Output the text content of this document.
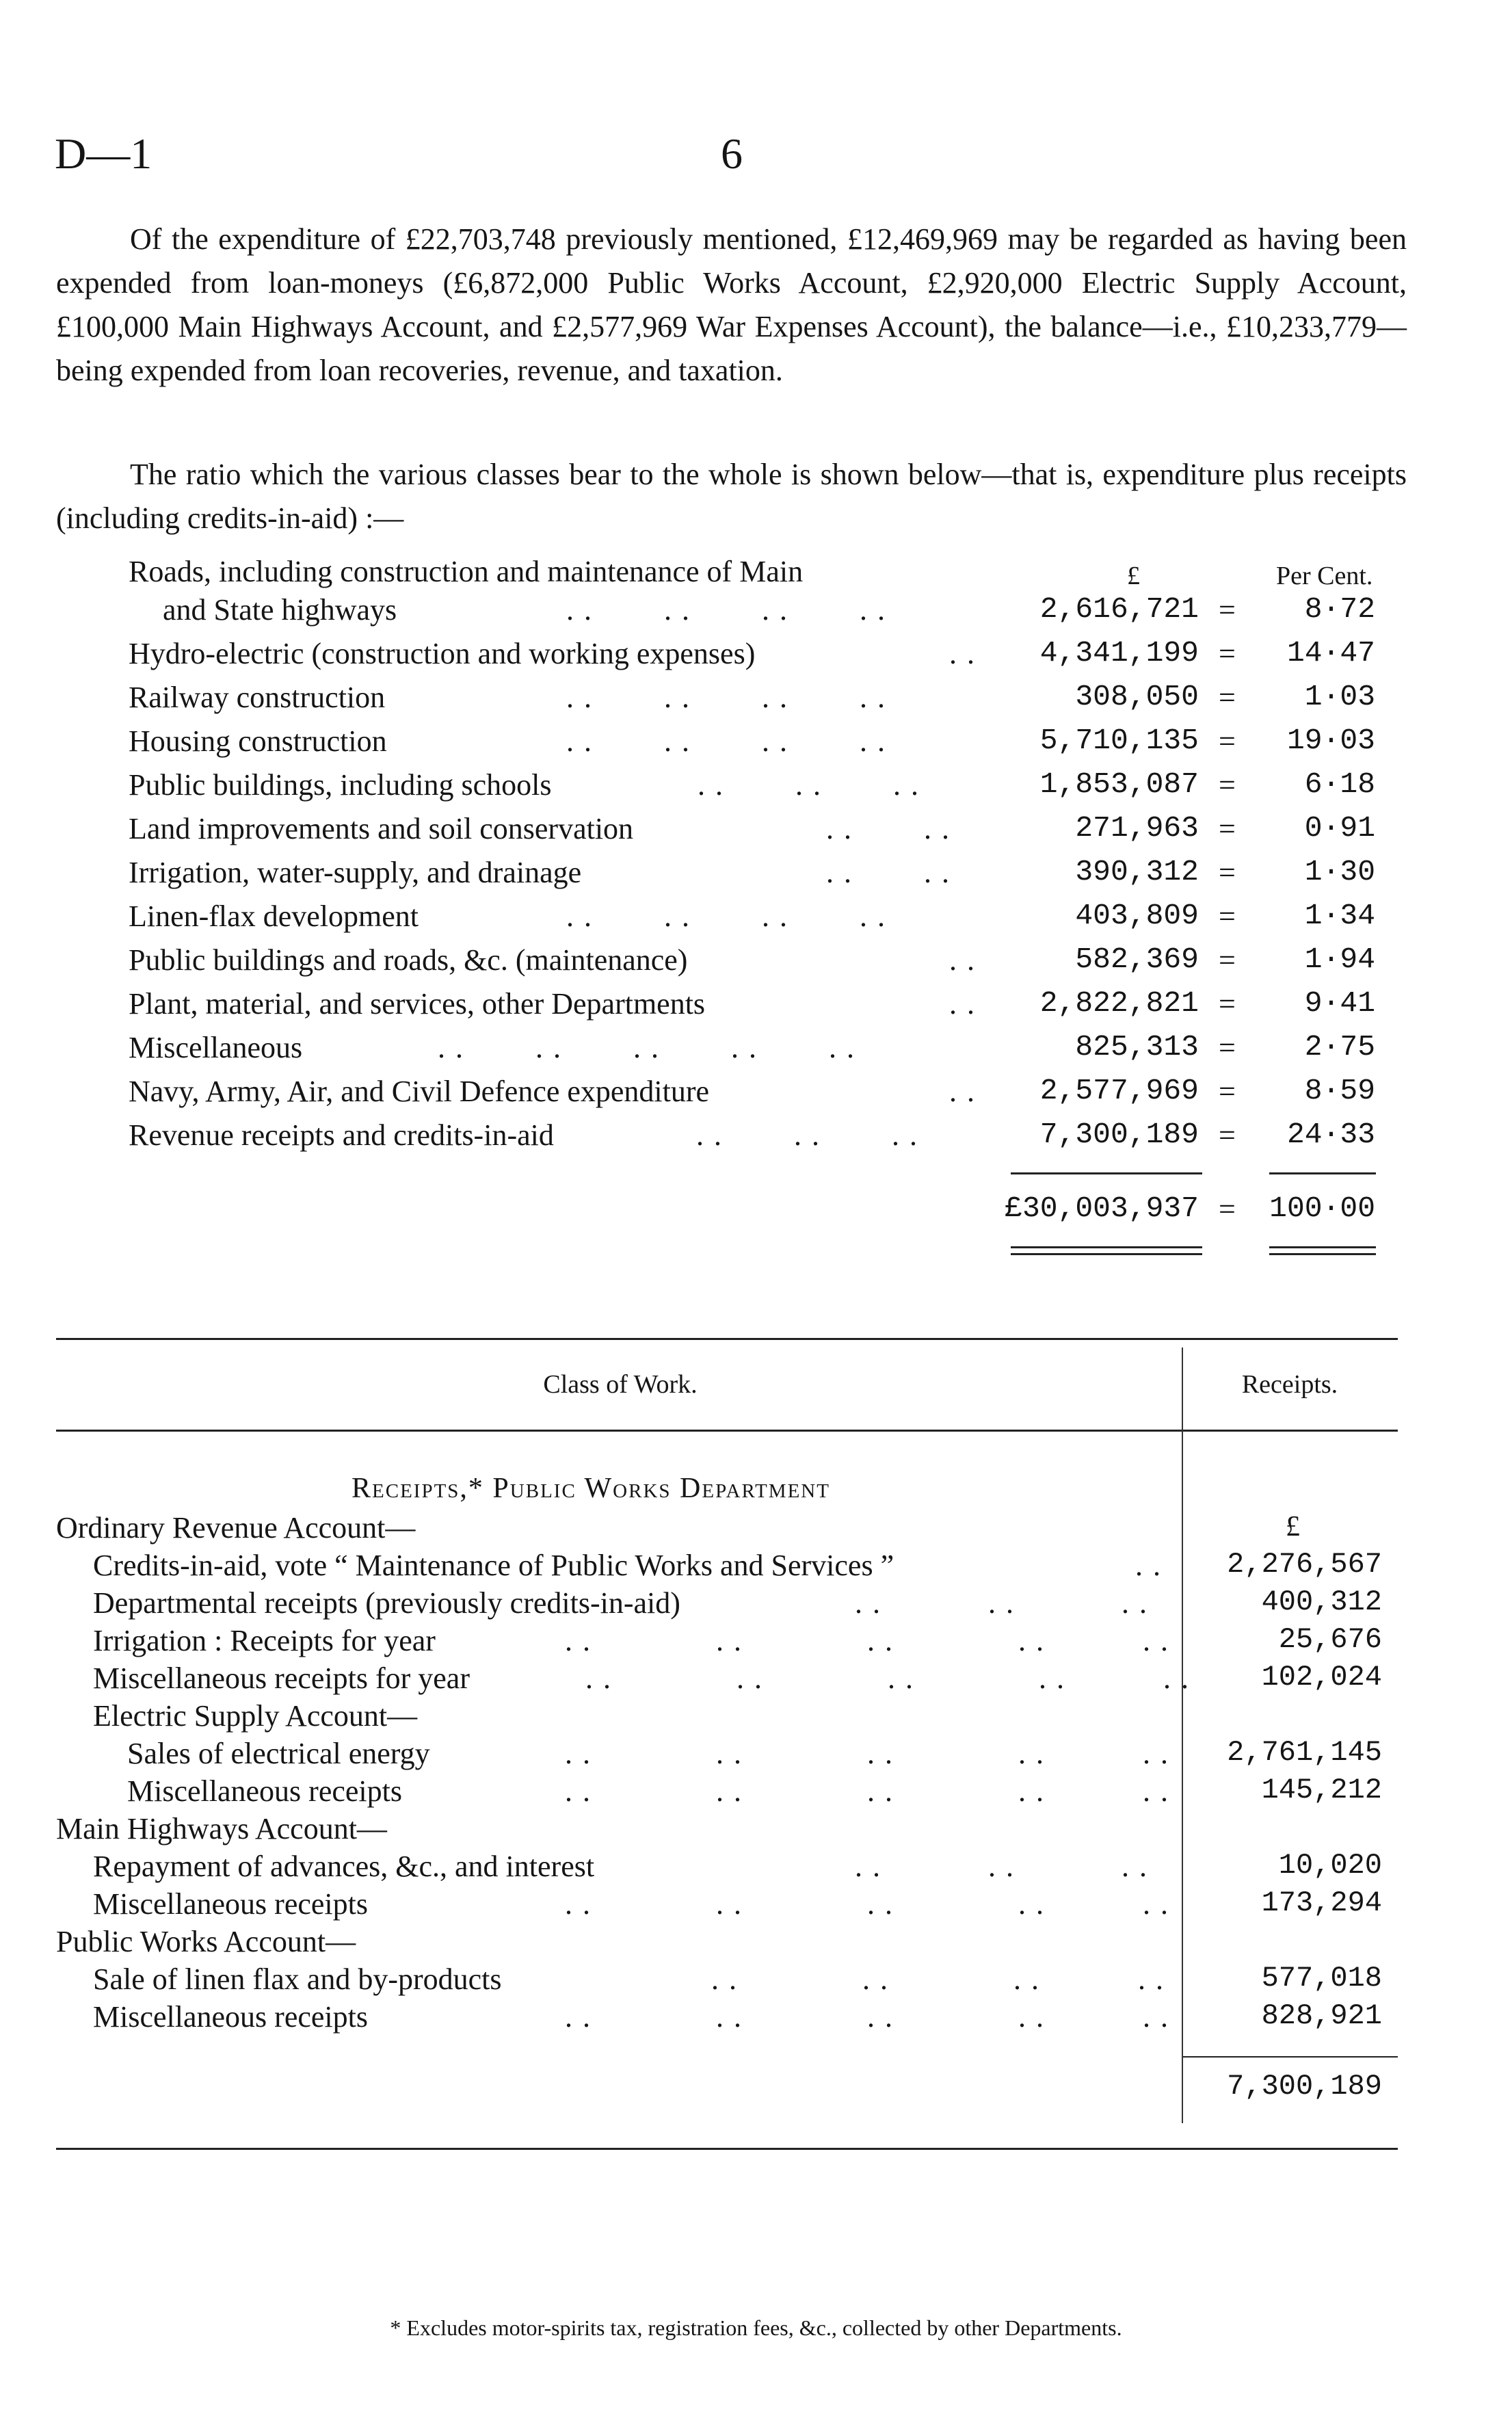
D—1	6
Of the expenditure of £22,703,748 previously mentioned, £12,469,969 may be regarded as having been expended from loan-moneys (£6,872,000 Public Works Account, £2,920,000 Electric Supply Account, £100,000 Main Highways Account, and £2,577,969 War Expenses Account), the balance—i.e., £10,233,779—being expended from loan recoveries, revenue, and taxation.
The ratio which the various classes bear to the whole is shown below—that is, expenditure plus receipts (including credits-in-aid) :—
£	Per Cent.
Roads, including construction and maintenance of Main
and State highways	. . . . . . . .	2,616,721 = 8·72
Hydro-electric (construction and working expenses)	. . 4,341,199 = 14·47
Railway construction	. . . . . . . .	308,050 = 1·03
Housing construction	. . . . . . . .	5,710,135 = 19·03
Public buildings, including schools	. . . . . .	1,853,087 = 6·18
Land improvements and soil conservation	. . . .	271,963 = 0·91
Irrigation, water-supply, and drainage	. . . .	390,312 = 1·30
Linen-flax development	. . . . . . . .	403,809 = 1·34
Public buildings and roads, &c. (maintenance)	. .	582,369 = 1·94
Plant, material, and services, other Departments	. . 2,822,821 = 9·41
Miscellaneous	. . . . . . . . . .	825,313 = 2·75
Navy, Army, Air, and Civil Defence expenditure	. . 2,577,969 = 8·59
Revenue receipts and credits-in-aid	. . . . . .	7,300,189 = 24·33
£30,003,937 = 100·00
Class of Work.	Receipts.
Receipts,* Public Works Department
£
Ordinary Revenue Account—
Credits-in-aid, vote “ Maintenance of Public Works and Services ”	. . 2,276,567
Departmental receipts (previously credits-in-aid)	. .            . .            . .	400,312
Irrigation : Receipts for year	. .              . .              . .              . .           . .	25,676
Miscellaneous receipts for year	. .              . .              . .              . .           . . 102,024
Electric Supply Account—
Sales of electrical energy	. .              . .              . .              . .           . . 2,761,145
Miscellaneous receipts	. .              . .              . .              . .           . .	145,212
Main Highways Account—
Repayment of advances, &c., and interest	. .            . .            . .	10,020
Miscellaneous receipts	. .              . .              . .              . .           . .	173,294
Public Works Account—
Sale of linen flax and by-products	. .              . .              . .           . .	577,018
Miscellaneous receipts	. .              . .              . .              . .           . .	828,921
7,300,189
* Excludes motor-spirits tax, registration fees, &c., collected by other Departments.
